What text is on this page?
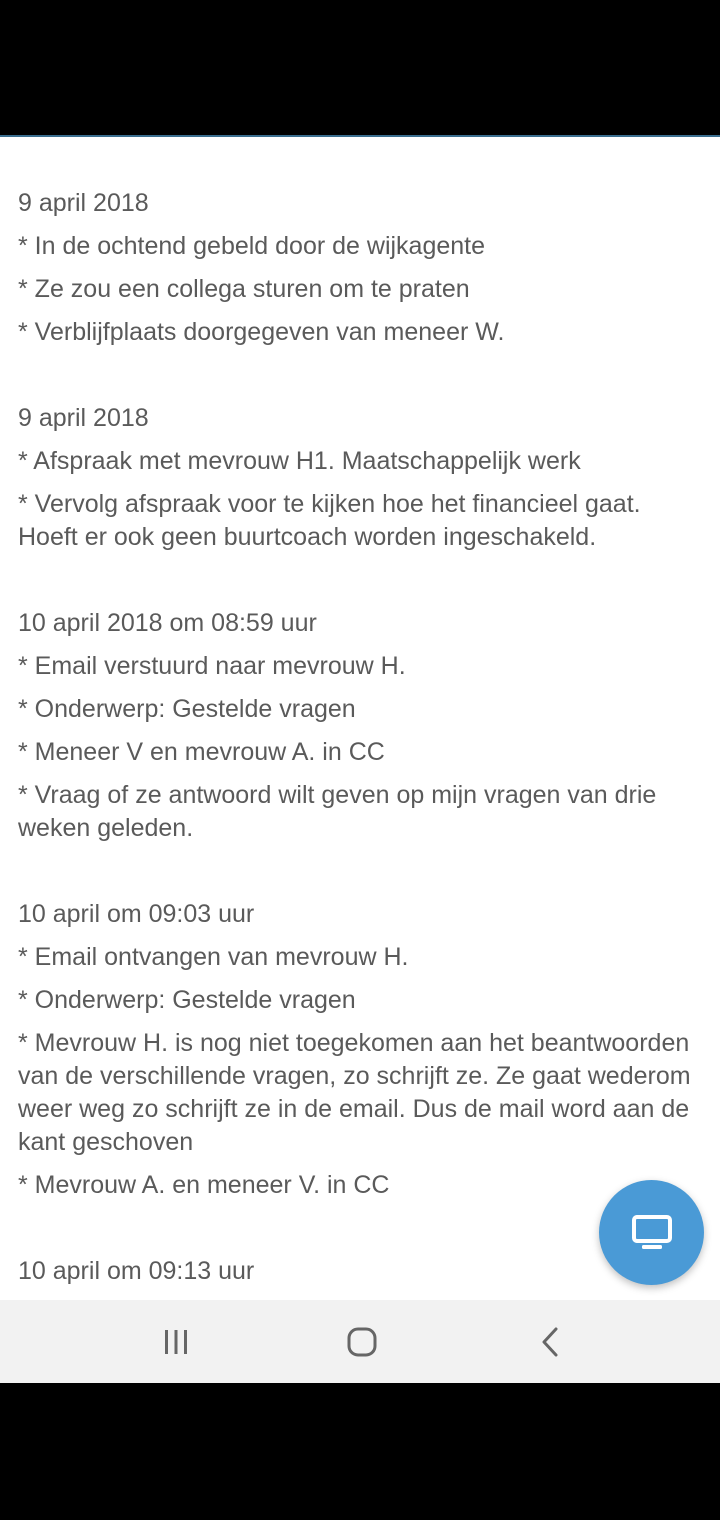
9 april 2018
* In de ochtend gebeld door de wijkagente
* Ze zou een collega sturen om te praten
* Verblijfplaats doorgegeven van meneer W.
9 april 2018
* Afspraak met mevrouw H1. Maatschappelijk werk
* Vervolg afspraak voor te kijken hoe het financieel gaat. Hoeft er ook geen buurtcoach worden ingeschakeld.
10 april 2018 om 08:59 uur
* Email verstuurd naar mevrouw H.
* Onderwerp: Gestelde vragen
* Meneer V en mevrouw A. in CC
* Vraag of ze antwoord wilt geven op mijn vragen van drie weken geleden.
10 april om 09:03 uur
* Email ontvangen van mevrouw H.
* Onderwerp: Gestelde vragen
* Mevrouw H. is nog niet toegekomen aan het beantwoorden van de verschillende vragen, zo schrijft ze. Ze gaat wederom weer weg zo schrijft ze in de email. Dus de mail word aan de kant geschoven
* Mevrouw A. en meneer V. in CC
10 april om 09:13 uur
